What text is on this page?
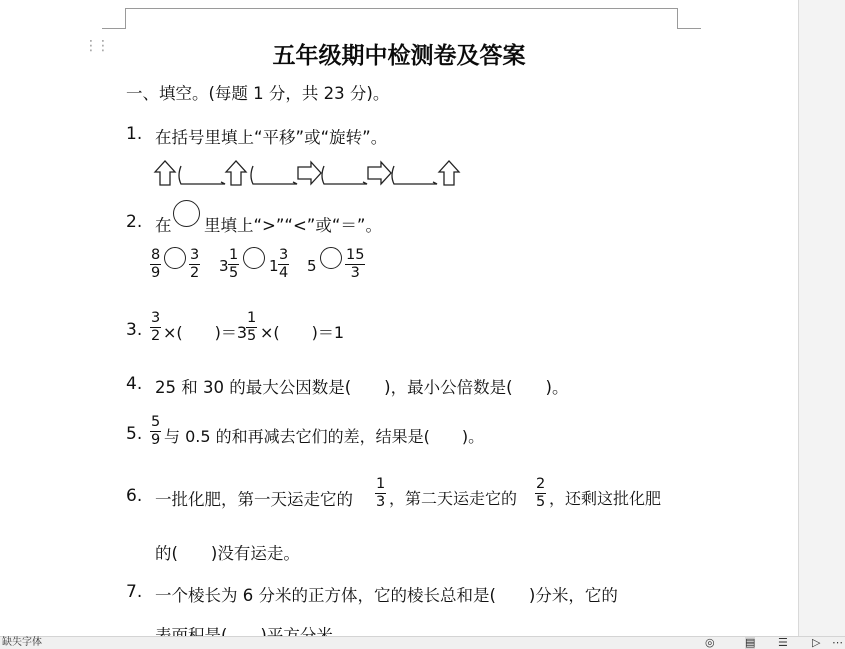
⋮⋮	五年级期中检测卷及答案
一、填空。(每题 1 分，共 23 分)。
1. 在括号里填上“平移”或“旋转”。
2. 在 里填上“>”“<”或“＝”。
$\frac{8}{9} \frac{3}{2} 3 \frac{1}{5} 1 \frac{3}{4} 5 \frac{15}{3}$
3. $\frac{3}{2}$ ×(　　)＝3
$\frac{1}{5}$ ×(　　)＝1
4. 25 和 30 的最大公因数是(　　)，最小公倍数是(　　)。
5. $\frac{5}{9}$ 与 0.5 的和再减去它们的差，结果是(　　)。
6. 一批化肥，第一天运走它的 $\frac{1}{3}$ ，第二天运走它的 $\frac{2}{5}$ ，还剩这批化肥
的(　　)没有运走。
7. 一个棱长为 6 分米的正方体，它的棱长总和是(　　)分米，它的
缺失字体	◎	▤ ☰ ▷ ⋯
